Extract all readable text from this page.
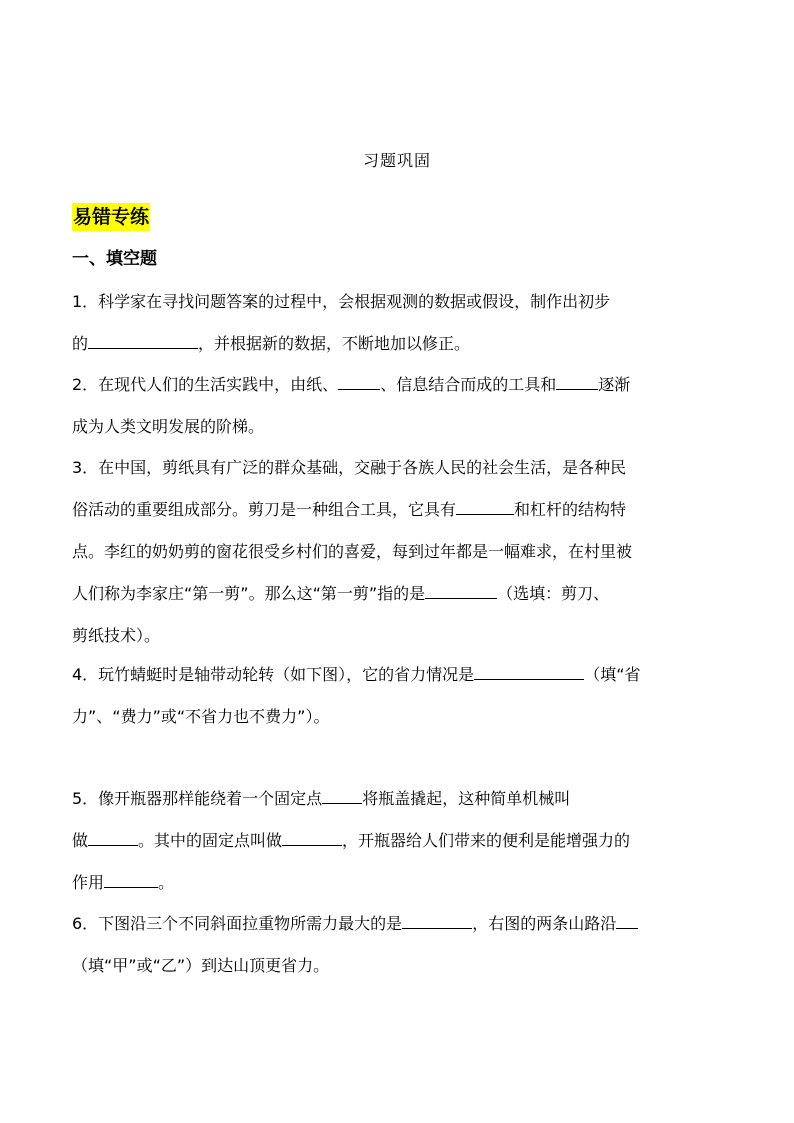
习题巩固
易错专练
一、填空题
1．科学家在寻找问题答案的过程中，会根据观测的数据或假设，制作出初步
的	，并根据新的数据，不断地加以修正。
2．在现代人们的生活实践中，由纸、	、信息结合而成的工具和	逐渐
成为人类文明发展的阶梯。
3．在中国，剪纸具有广泛的群众基础，交融于各族人民的社会生活，是各种民
俗活动的重要组成部分。剪刀是一种组合工具，它具有	和杠杆的结构特
点。李红的奶奶剪的窗花很受乡村们的喜爱，每到过年都是一幅难求，在村里被
人们称为李家庄“第一剪”。那么这“第一剪”指的是	（选填：剪刀、
剪纸技术）。
4．玩竹蜻蜓时是轴带动轮转（如下图），它的省力情况是	（填“省
力”、“费力”或“不省力也不费力”）。
5．像开瓶器那样能绕着一个固定点	将瓶盖撬起，这种简单机械叫
做	。其中的固定点叫做	，开瓶器给人们带来的便利是能增强力的
作用	。
6．下图沿三个不同斜面拉重物所需力最大的是	，右图的两条山路沿
（填“甲”或“乙”）到达山顶更省力。
